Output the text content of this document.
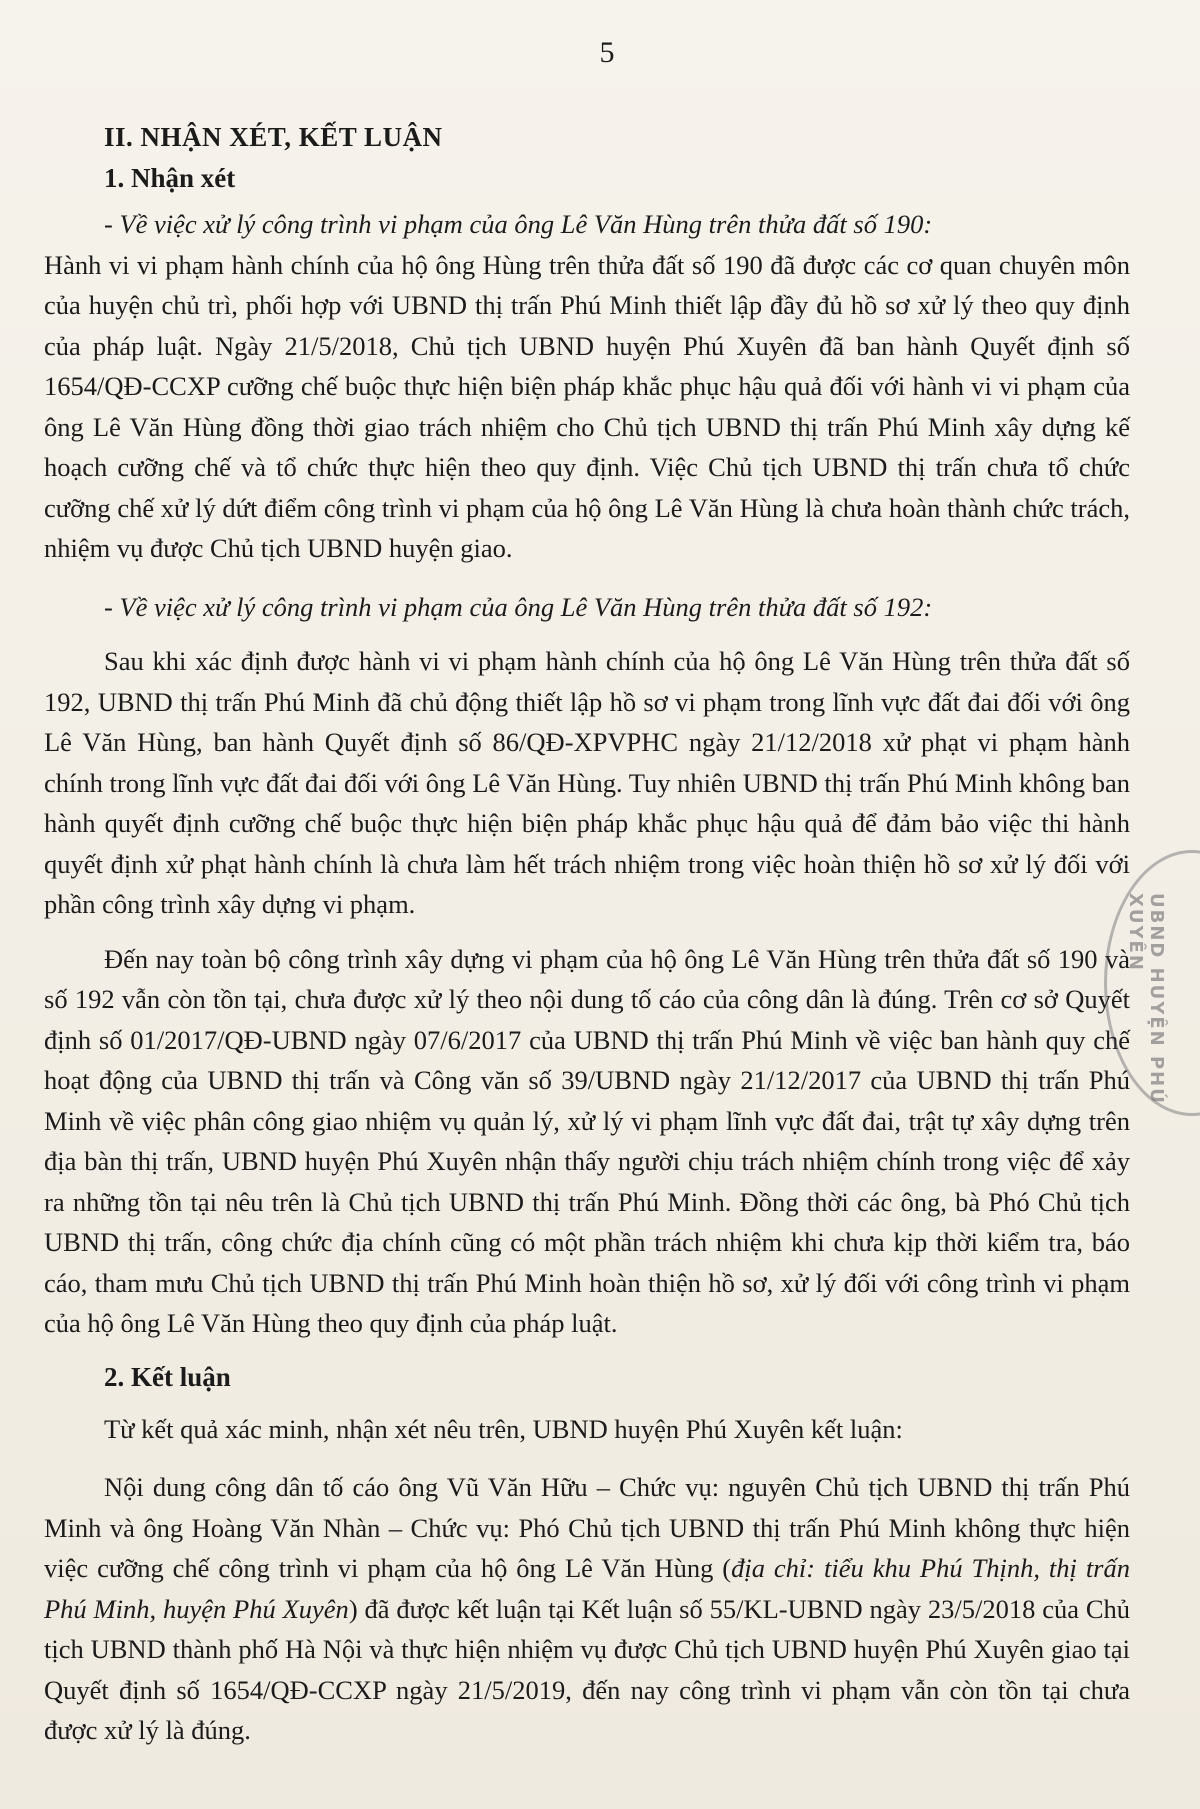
5
II. NHẬN XÉT, KẾT LUẬN
1. Nhận xét

- Về việc xử lý công trình vi phạm của ông Lê Văn Hùng trên thửa đất số 190:

Hành vi vi phạm hành chính của hộ ông Hùng trên thửa đất số 190 đã được các cơ quan chuyên môn của huyện chủ trì, phối hợp với UBND thị trấn Phú Minh thiết lập đầy đủ hồ sơ xử lý theo quy định của pháp luật. Ngày 21/5/2018, Chủ tịch UBND huyện Phú Xuyên đã ban hành Quyết định số 1654/QĐ-CCXP cưỡng chế buộc thực hiện biện pháp khắc phục hậu quả đối với hành vi vi phạm của ông Lê Văn Hùng đồng thời giao trách nhiệm cho Chủ tịch UBND thị trấn Phú Minh xây dựng kế hoạch cưỡng chế và tổ chức thực hiện theo quy định. Việc Chủ tịch UBND thị trấn chưa tổ chức cưỡng chế xử lý dứt điểm công trình vi phạm của hộ ông Lê Văn Hùng là chưa hoàn thành chức trách, nhiệm vụ được Chủ tịch UBND huyện giao.

- Về việc xử lý công trình vi phạm của ông Lê Văn Hùng trên thửa đất số 192:

Sau khi xác định được hành vi vi phạm hành chính của hộ ông Lê Văn Hùng trên thửa đất số 192, UBND thị trấn Phú Minh đã chủ động thiết lập hồ sơ vi phạm trong lĩnh vực đất đai đối với ông Lê Văn Hùng, ban hành Quyết định số 86/QĐ-XPVPHC ngày 21/12/2018 xử phạt vi phạm hành chính trong lĩnh vực đất đai đối với ông Lê Văn Hùng. Tuy nhiên UBND thị trấn Phú Minh không ban hành quyết định cưỡng chế buộc thực hiện biện pháp khắc phục hậu quả để đảm bảo việc thi hành quyết định xử phạt hành chính là chưa làm hết trách nhiệm trong việc hoàn thiện hồ sơ xử lý đối với phần công trình xây dựng vi phạm.

Đến nay toàn bộ công trình xây dựng vi phạm của hộ ông Lê Văn Hùng trên thửa đất số 190 và số 192 vẫn còn tồn tại, chưa được xử lý theo nội dung tố cáo của công dân là đúng. Trên cơ sở Quyết định số 01/2017/QĐ-UBND ngày 07/6/2017 của UBND thị trấn Phú Minh về việc ban hành quy chế hoạt động của UBND thị trấn và Công văn số 39/UBND ngày 21/12/2017 của UBND thị trấn Phú Minh về việc phân công giao nhiệm vụ quản lý, xử lý vi phạm lĩnh vực đất đai, trật tự xây dựng trên địa bàn thị trấn, UBND huyện Phú Xuyên nhận thấy người chịu trách nhiệm chính trong việc để xảy ra những tồn tại nêu trên là Chủ tịch UBND thị trấn Phú Minh. Đồng thời các ông, bà Phó Chủ tịch UBND thị trấn, công chức địa chính cũng có một phần trách nhiệm khi chưa kịp thời kiểm tra, báo cáo, tham mưu Chủ tịch UBND thị trấn Phú Minh hoàn thiện hồ sơ, xử lý đối với công trình vi phạm của hộ ông Lê Văn Hùng theo quy định của pháp luật.

2. Kết luận

Từ kết quả xác minh, nhận xét nêu trên, UBND huyện Phú Xuyên kết luận:

Nội dung công dân tố cáo ông Vũ Văn Hữu – Chức vụ: nguyên Chủ tịch UBND thị trấn Phú Minh và ông Hoàng Văn Nhàn – Chức vụ: Phó Chủ tịch UBND thị trấn Phú Minh không thực hiện việc cưỡng chế công trình vi phạm của hộ ông Lê Văn Hùng (địa chỉ: tiểu khu Phú Thịnh, thị trấn Phú Minh, huyện Phú Xuyên) đã được kết luận tại Kết luận số 55/KL-UBND ngày 23/5/2018 của Chủ tịch UBND thành phố Hà Nội và thực hiện nhiệm vụ được Chủ tịch UBND huyện Phú Xuyên giao tại Quyết định số 1654/QĐ-CCXP ngày 21/5/2019, đến nay công trình vi phạm vẫn còn tồn tại chưa được xử lý là đúng.

UBND HUYỆN PHÚ XUYÊN
